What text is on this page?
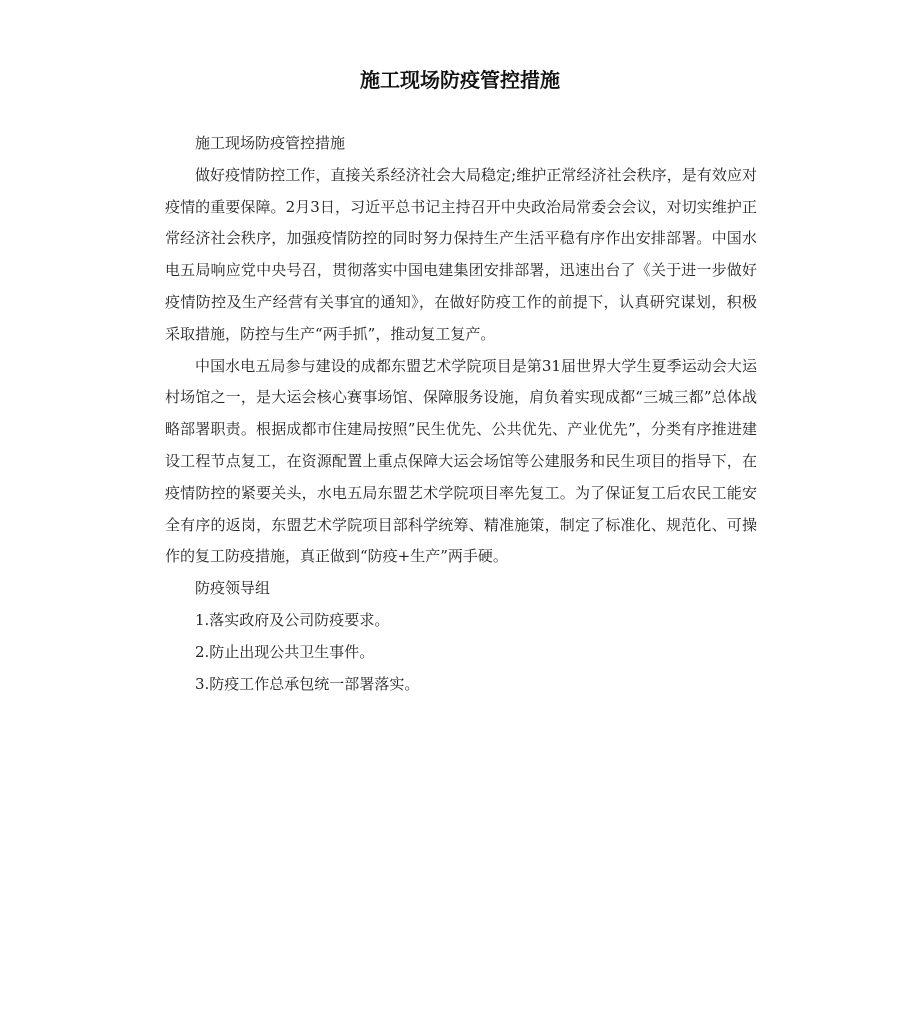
施工现场防疫管控措施

施工现场防疫管控措施

做好疫情防控工作，直接关系经济社会大局稳定;维护正常经济社会秩序，是有效应对疫情的重要保障。2月3日，习近平总书记主持召开中央政治局常委会会议，对切实维护正常经济社会秩序，加强疫情防控的同时努力保持生产生活平稳有序作出安排部署。中国水电五局响应党中央号召，贯彻落实中国电建集团安排部署，迅速出台了《关于进一步做好疫情防控及生产经营有关事宜的通知》，在做好防疫工作的前提下，认真研究谋划，积极采取措施，防控与生产“两手抓”，推动复工复产。

中国水电五局参与建设的成都东盟艺术学院项目是第31届世界大学生夏季运动会大运村场馆之一，是大运会核心赛事场馆、保障服务设施，肩负着实现成都“三城三都”总体战略部署职责。根据成都市住建局按照”民生优先、公共优先、产业优先”，分类有序推进建设工程节点复工，在资源配置上重点保障大运会场馆等公建服务和民生项目的指导下，在疫情防控的紧要关头，水电五局东盟艺术学院项目率先复工。为了保证复工后农民工能安全有序的返岗，东盟艺术学院项目部科学统筹、精准施策，制定了标准化、规范化、可操作的复工防疫措施，真正做到“防疫+生产”两手硬。

防疫领导组

1.落实政府及公司防疫要求。

2.防止出现公共卫生事件。

3.防疫工作总承包统一部署落实。
